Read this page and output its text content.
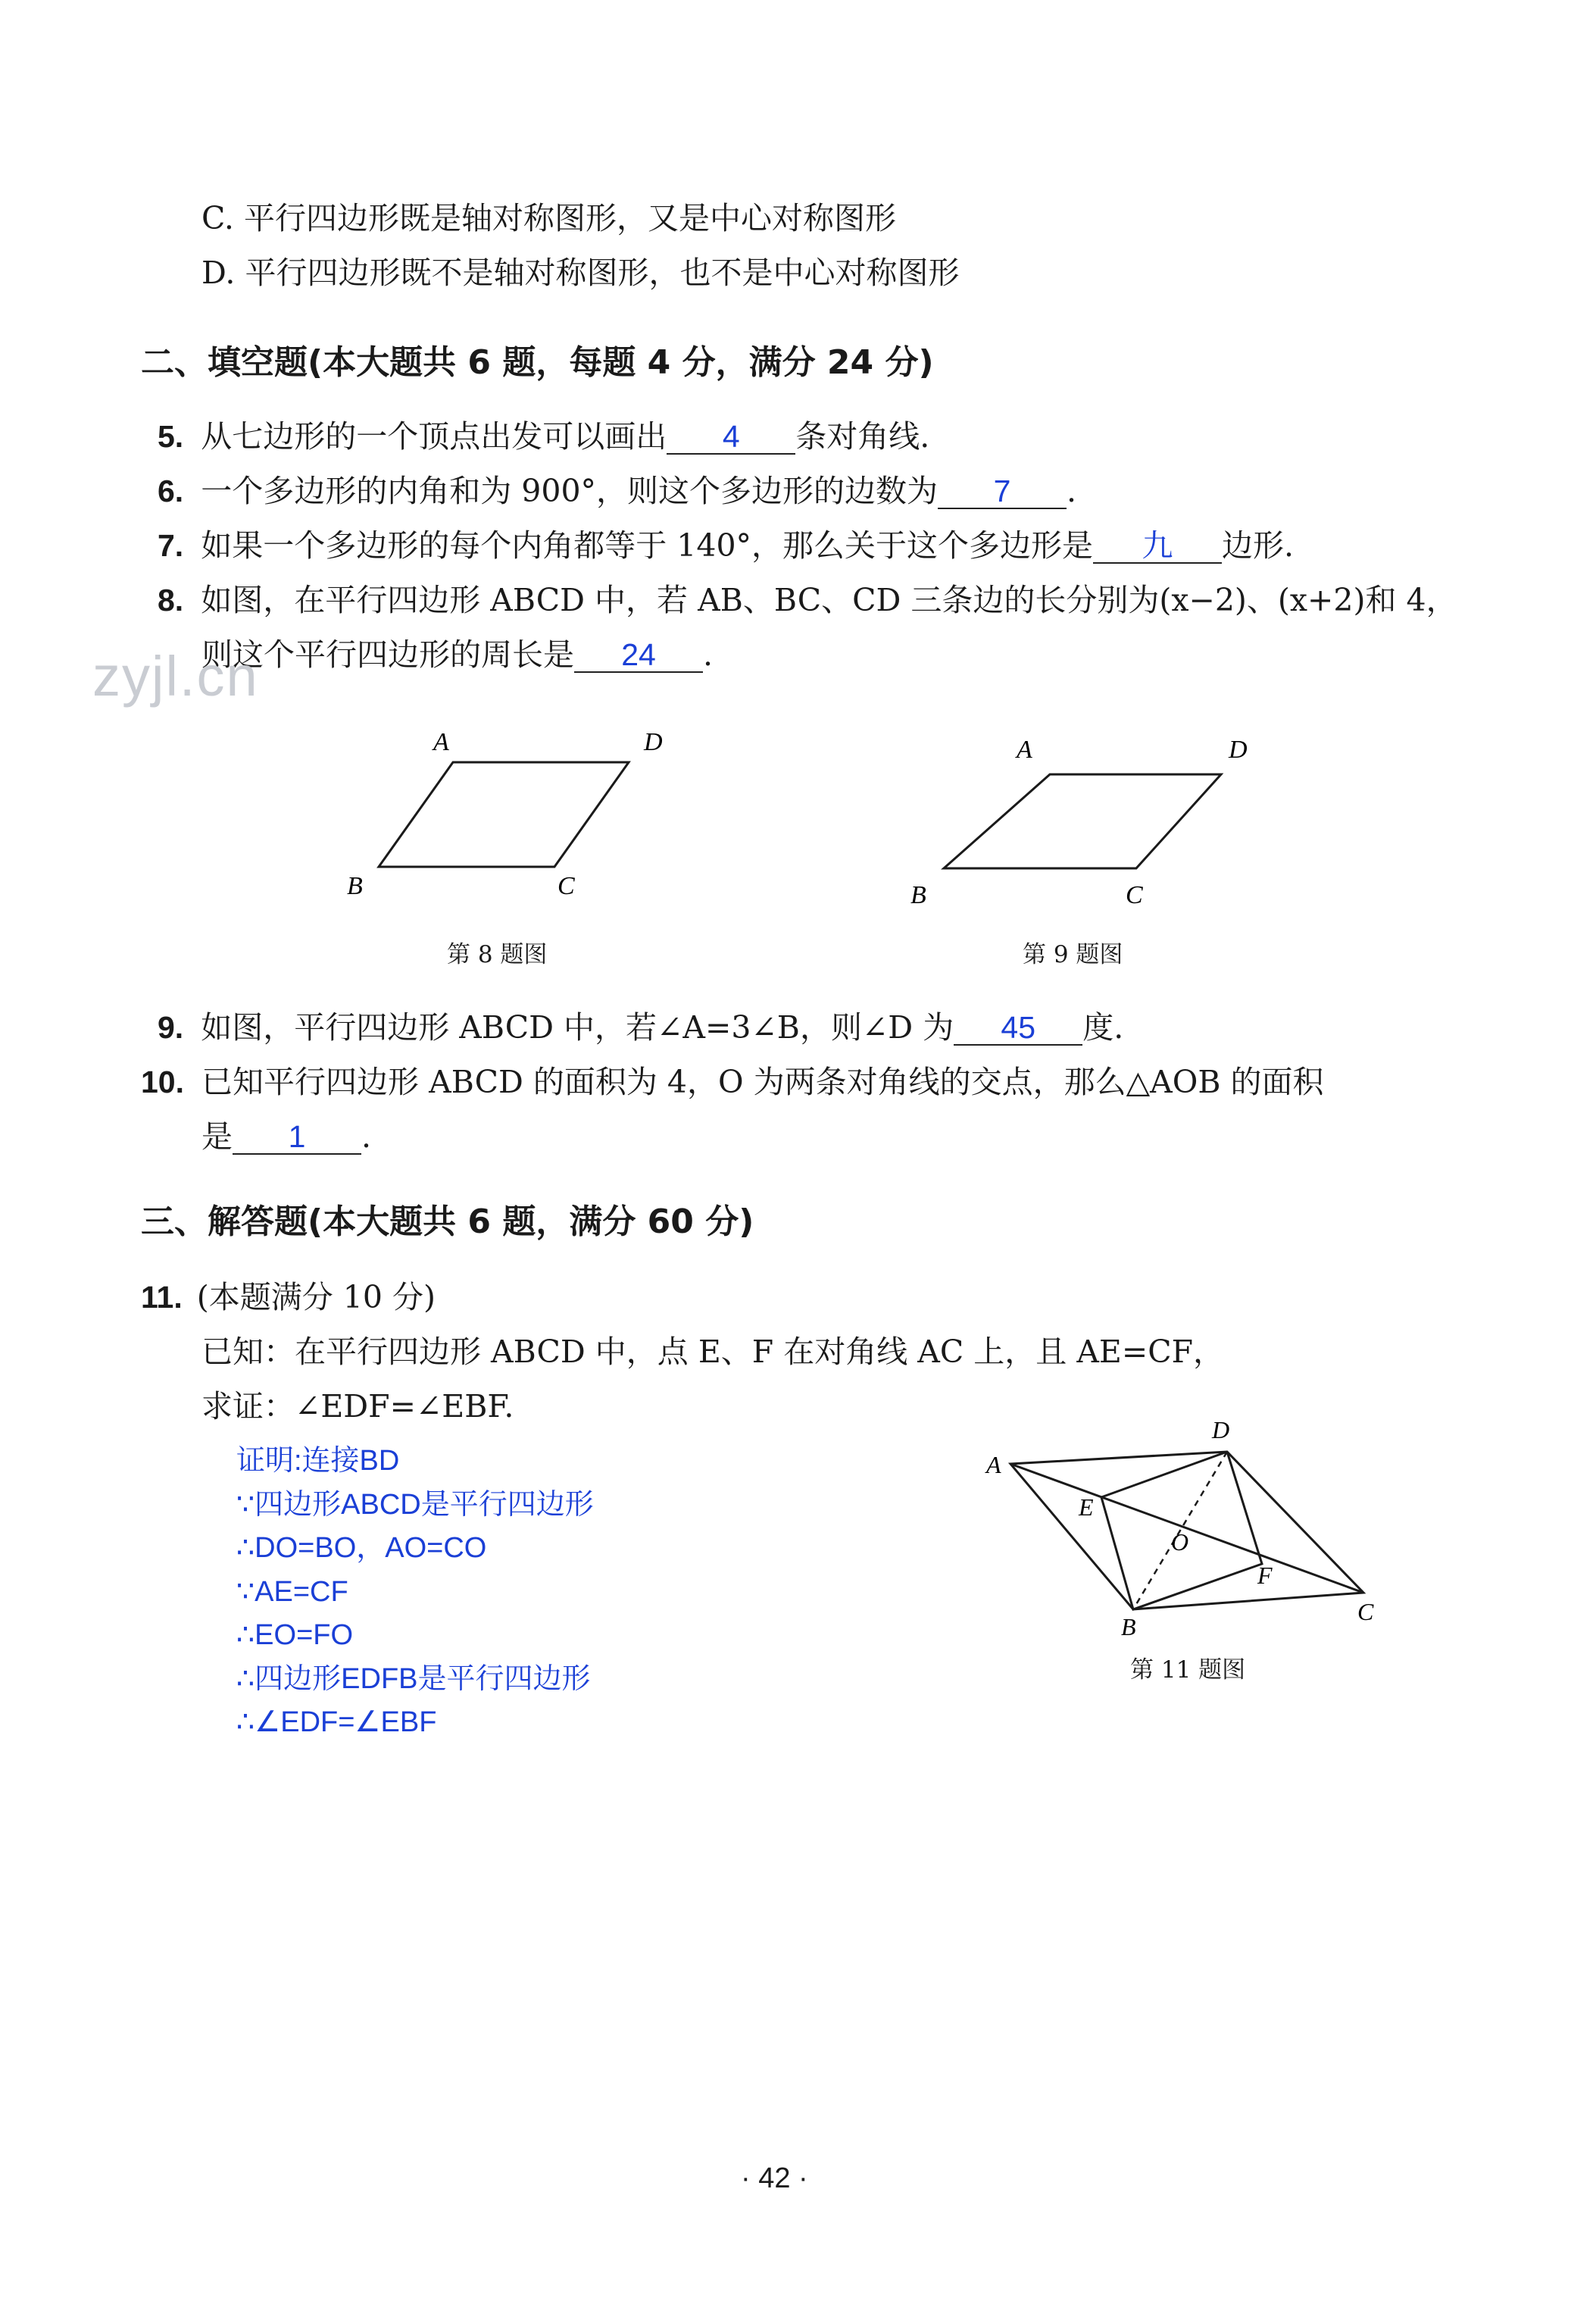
C. 平行四边形既是轴对称图形，又是中心对称图形
D. 平行四边形既不是轴对称图形，也不是中心对称图形
二、填空题(本大题共 6 题，每题 4 分，满分 24 分)
5. 从七边形的一个顶点出发可以画出 4 条对角线.
6. 一个多边形的内角和为 900°，则这个多边形的边数为 7 .
7. 如果一个多边形的每个内角都等于 140°，那么关于这个多边形是 九 边形.
8. 如图，在平行四边形 ABCD 中，若 AB、BC、CD 三条边的长分别为(x−2)、(x+2)和 4，
则这个平行四边形的周长是 24 .
zyjl.cn
A	D
B	C
第 8 题图
A	D
B	C
第 9 题图
9. 如图，平行四边形 ABCD 中，若∠A=3∠B，则∠D 为 45 度.
10. 已知平行四边形 ABCD 的面积为 4，O 为两条对角线的交点，那么△AOB 的面积
是 1 .
三、解答题(本大题共 6 题，满分 60 分)
11. (本题满分 10 分)
已知：在平行四边形 ABCD 中，点 E、F 在对角线 AC 上，且 AE=CF，
求证：∠EDF=∠EBF.
证明:连接BD
∵四边形ABCD是平行四边形
∴DO=BO，AO=CO
∵AE=CF
∴EO=FO
∴四边形EDFB是平行四边形
∴∠EDF=∠EBF
A
D
E
O
F
B
C
第 11 题图
· 42 ·
